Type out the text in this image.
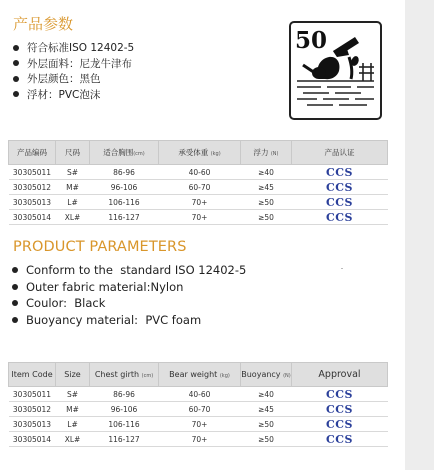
产品参数
符合标准ISO 12402-5
外层面料：尼龙牛津布
外层颜色：黑色
浮材：PVC泡沫
50
产品编码	尺码	适合胸围(cm)	承受体重 (kg)	浮力 (N)	产品认证
30305011	S#	86-96	40-60	≥40	CCS
30305012	M#	96-106	60-70	≥45	CCS
30305013	L#	106-116	70+	≥50	CCS
30305014	XL#	116-127	70+	≥50	CCS
PRODUCT PARAMETERS
Conform to the  standard ISO 12402-5
Outer fabric material:Nylon
Coulor:  Black
Buoyancy material:  PVC foam
Item Code	Size	Chest girth (cm)	Bear weight (kg)	Buoyancy (N)	Approval
30305011	S#	86-96	40-60	≥40	CCS
30305012	M#	96-106	60-70	≥45	CCS
30305013	L#	106-116	70+	≥50	CCS
30305014	XL#	116-127	70+	≥50	CCS
